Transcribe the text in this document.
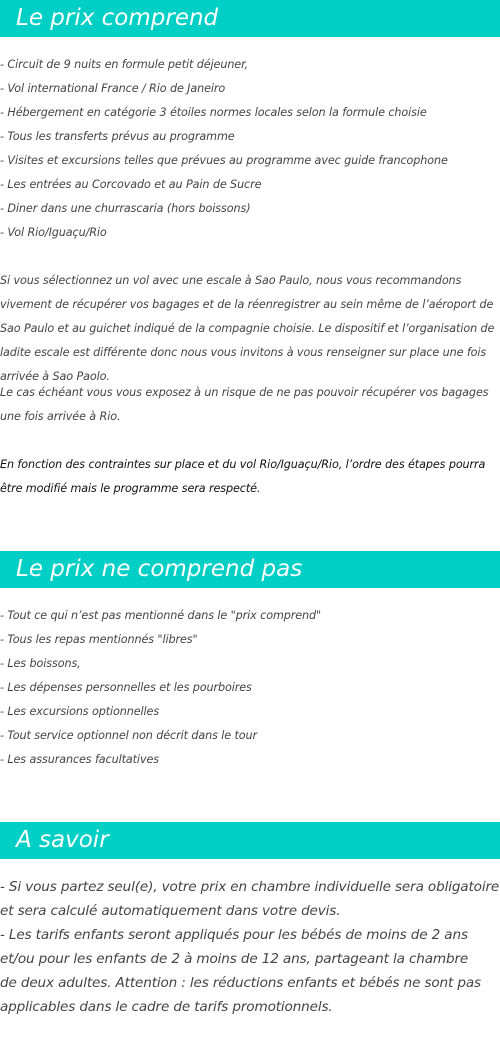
Le prix comprend
- Circuit de 9 nuits en formule petit déjeuner,
- Vol international France / Rio de Janeiro
- Hébergement en catégorie 3 étoiles normes locales selon la formule choisie
- Tous les transferts prévus au programme
- Visites et excursions telles que prévues au programme avec guide francophone
- Les entrées au Corcovado et au Pain de Sucre
- Diner dans une churrascaria (hors boissons)
- Vol Rio/Iguaçu/Rio

Si vous sélectionnez un vol avec une escale à Sao Paulo, nous vous recommandons vivement de récupérer vos bagages et de la réenregistrer au sein même de l’aéroport de Sao Paulo et au guichet indiqué de la compagnie choisie. Le dispositif et l’organisation de ladite escale est différente donc nous vous invitons à vous renseigner sur place une fois arrivée à Sao Paolo.

Le cas échéant vous vous exposez à un risque de ne pas pouvoir récupérer vos bagages une fois arrivée à Rio.

En fonction des contraintes sur place et du vol Rio/Iguaçu/Rio, l’ordre des étapes pourra être modifié mais le programme sera respecté.

Le prix ne comprend pas
- Tout ce qui n’est pas mentionné dans le "prix comprend"
- Tous les repas mentionnés "libres"
- Les boissons,
- Les dépenses personnelles et les pourboires
- Les excursions optionnelles
- Tout service optionnel non décrit dans le tour
- Les assurances facultatives
A savoir
- Si vous partez seul(e), votre prix en chambre individuelle sera obligatoire et sera calculé automatiquement dans votre devis.
- Les tarifs enfants seront appliqués pour les bébés de moins de 2 ans et/ou pour les enfants de 2 à moins de 12 ans, partageant la chambre
de deux adultes. Attention : les réductions enfants et bébés ne sont pas applicables dans le cadre de tarifs promotionnels.
